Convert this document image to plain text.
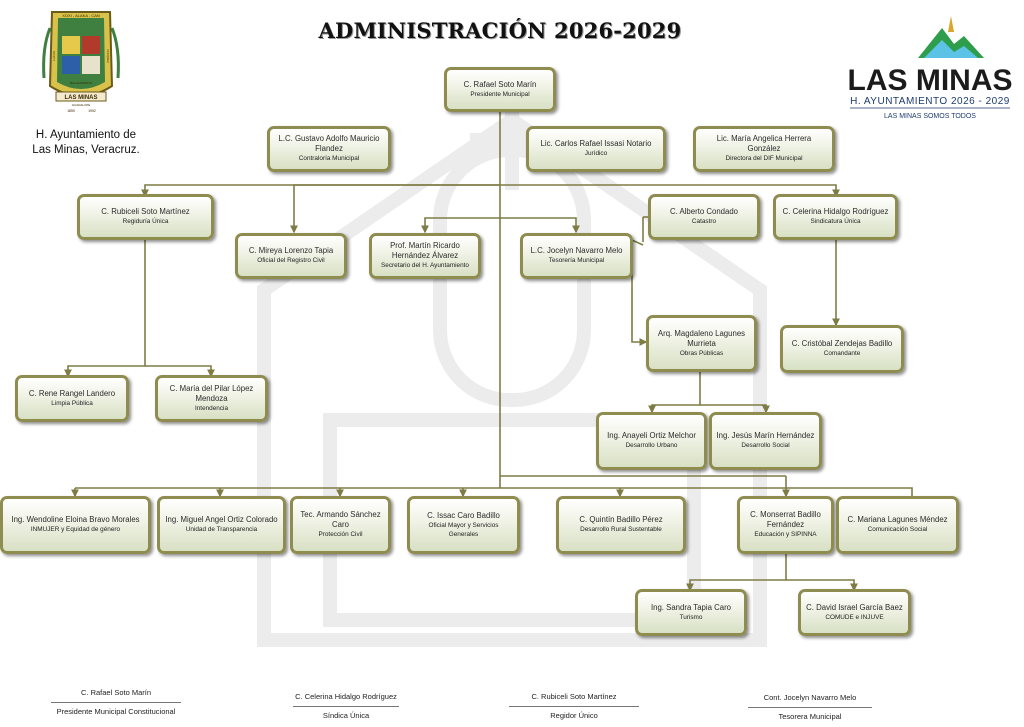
ADMINISTRACIÓN 2026-2029
XOXI - ALAKA - CAN
LUCAS	VAZQUEZ
BALLESTEROS
LAS MINAS
GUADALUPE
1859	1992
H. Ayuntamiento de
Las Minas, Veracruz.
LAS MINAS
H. AYUNTAMIENTO 2026 - 2029
LAS MINAS SOMOS TODOS
C. Rafael Soto Marín
Presidente Municipal
L.C. Gustavo Adolfo Mauricio Flandez
Contraloría Municipal
Lic. Carlos Rafael Issasi Notario
Jurídico
Lic. María Angelica Herrera González
Directora del DIF Municipal
C. Rubiceli Soto Martínez
Regiduría Única
C. Mireya Lorenzo Tapia
Oficial del Registro Civil
Prof. Martín Ricardo Hernández Álvarez
Secretario del H. Ayuntamiento
L.C. Jocelyn Navarro Melo
Tesorería Municipal
C. Alberto Condado
Catastro
C. Celerina Hidalgo Rodríguez
Sindicatura Única
Arq. Magdaleno Lagunes Murrieta
Obras Públicas
C. Cristóbal Zendejas Badillo
Comandante
C. Rene Rangel Landero
Limpia Pública
C. María del Pilar López Mendoza
Intendencia
Ing. Anayeli Ortiz Melchor
Desarrollo Urbano
Ing. Jesús Marín Hernández
Desarrollo Social
Ing. Wendoline Eloina Bravo Morales
INMUJER y Equidad de género
Ing. Miguel Angel Ortiz Colorado
Unidad de Transparencia
Tec. Armando Sánchez Caro
Protección Civil
C. Issac Caro Badillo
Oficial Mayor y Servicios Generales
C. Quintín Badillo Pérez
Desarrollo Rural Sustentable
C. Monserrat Badillo Fernández
Educación y SIPINNA
C. Mariana Lagunes Méndez
Comunicación Social
Ing. Sandra Tapia Caro
Turismo
C. David Israel García Baez
COMUDE e INJUVE
C. Rafael Soto Marín
Presidente Municipal Constitucional
C. Celerina Hidalgo Rodríguez
Síndica Única
C. Rubiceli Soto Martínez
Regidor Único
Cont. Jocelyn Navarro Melo
Tesorera Municipal
